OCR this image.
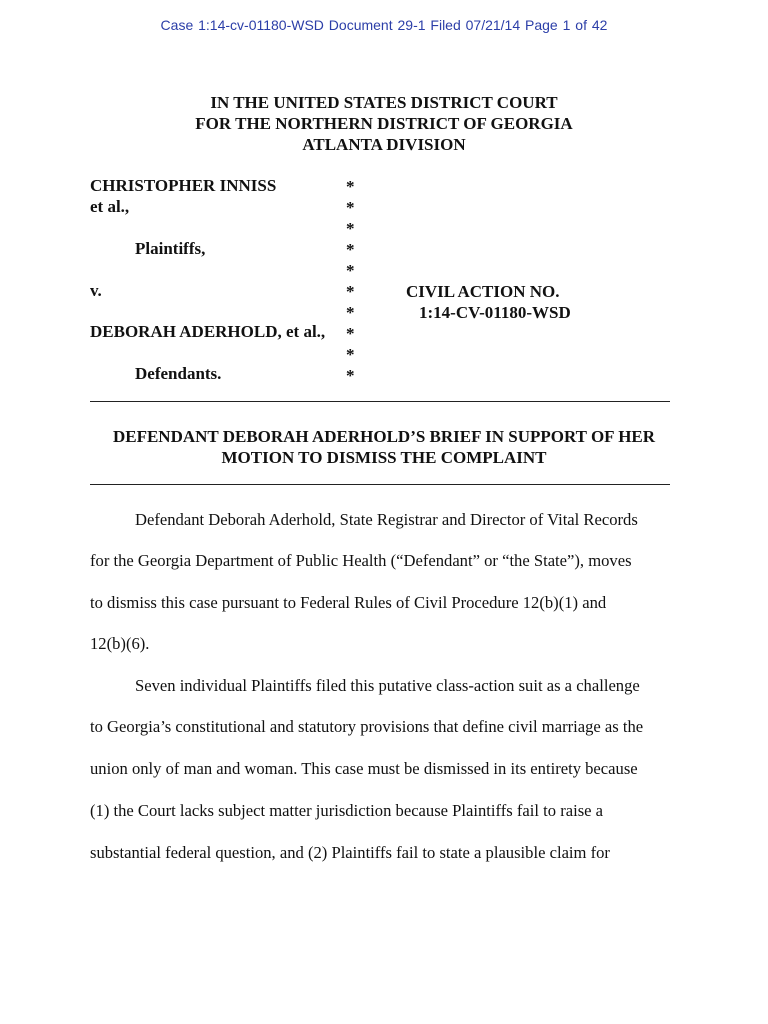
Case 1:14-cv-01180-WSD Document 29-1 Filed 07/21/14 Page 1 of 42
IN THE UNITED STATES DISTRICT COURT
FOR THE NORTHERN DISTRICT OF GEORGIA
ATLANTA DIVISION
CHRISTOPHER INNISS
et al.,
Plaintiffs,
v.
DEBORAH ADERHOLD, et al.,
Defendants.
*
*
*
*
*
*
*
*
*
*
CIVIL ACTION NO.
1:14-CV-01180-WSD
DEFENDANT DEBORAH ADERHOLD’S BRIEF IN SUPPORT OF HER
MOTION TO DISMISS THE COMPLAINT
Defendant Deborah Aderhold, State Registrar and Director of Vital Records
for the Georgia Department of Public Health (“Defendant” or “the State”), moves
to dismiss this case pursuant to Federal Rules of Civil Procedure 12(b)(1) and
12(b)(6).
Seven individual Plaintiffs filed this putative class-action suit as a challenge
to Georgia’s constitutional and statutory provisions that define civil marriage as the
union only of man and woman. This case must be dismissed in its entirety because
(1) the Court lacks subject matter jurisdiction because Plaintiffs fail to raise a
substantial federal question, and (2) Plaintiffs fail to state a plausible claim for
